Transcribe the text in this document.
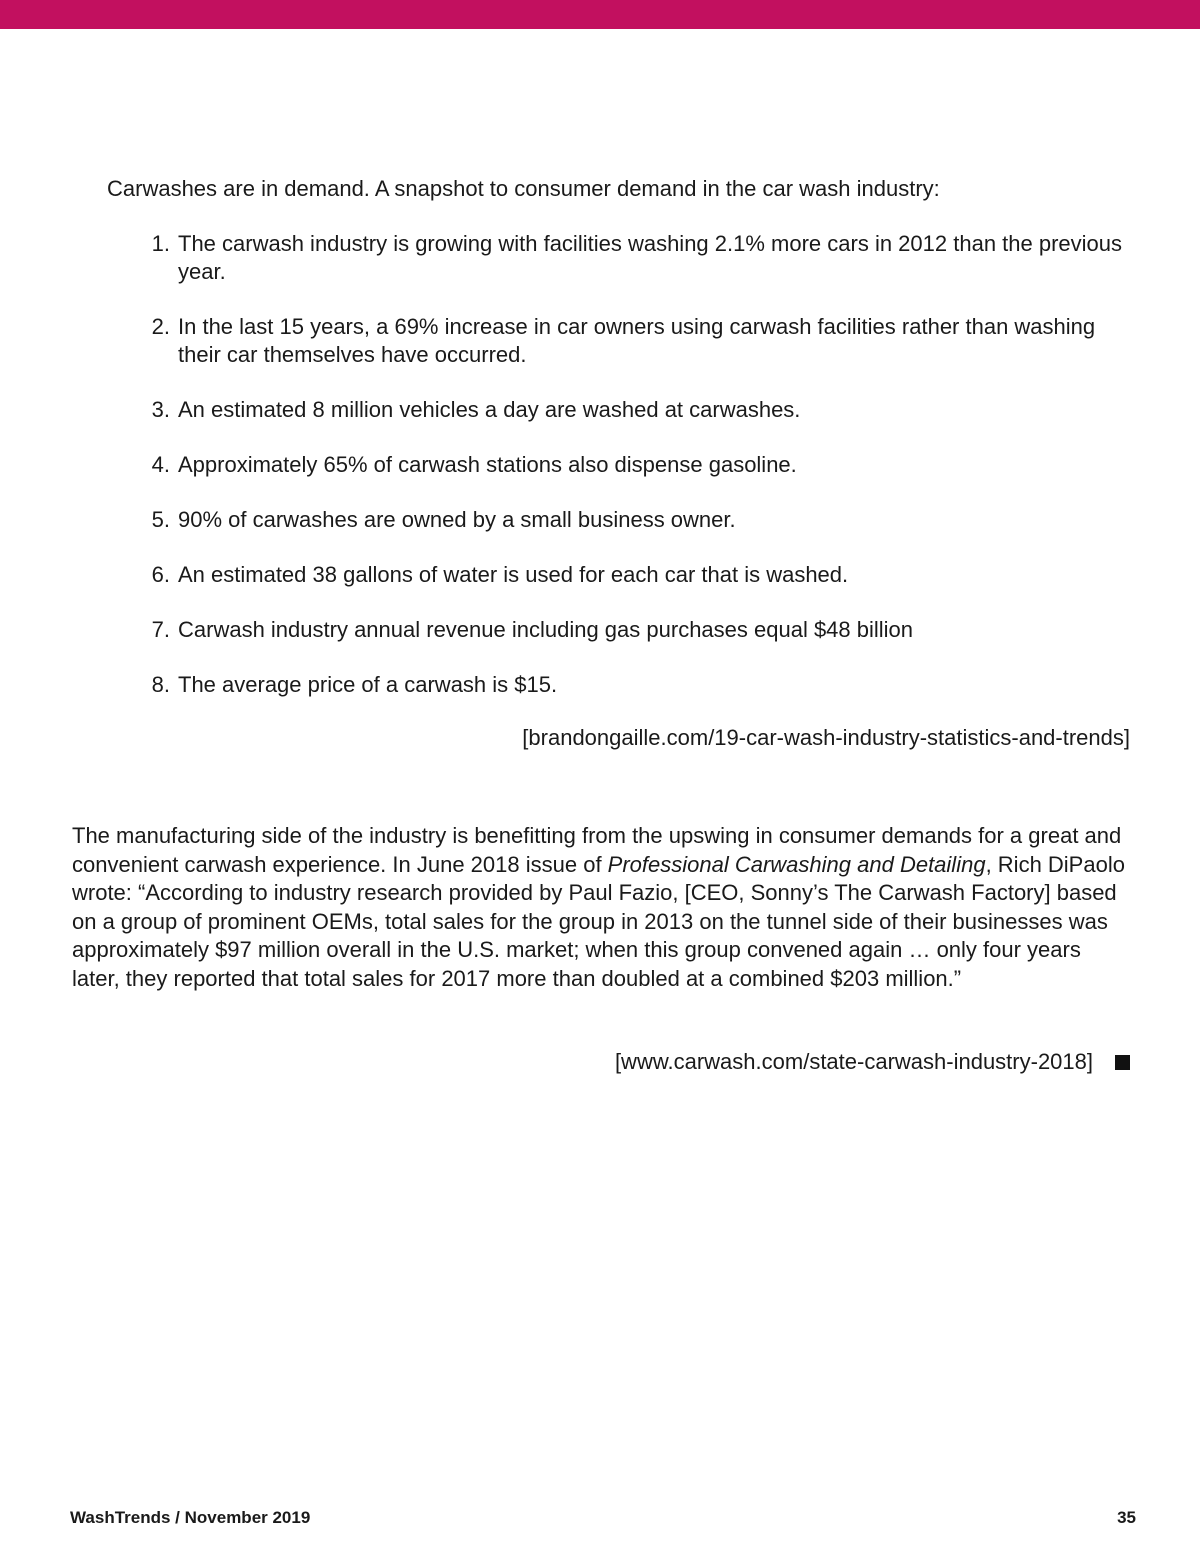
Carwashes are in demand. A snapshot to consumer demand in the car wash industry:

1. The carwash industry is growing with facilities washing 2.1% more cars in 2012 than the previous year.
2. In the last 15 years, a 69% increase in car owners using carwash facilities rather than washing their car themselves have occurred.
3. An estimated 8 million vehicles a day are washed at carwashes.
4. Approximately 65% of carwash stations also dispense gasoline.
5. 90% of carwashes are owned by a small business owner.
6. An estimated 38 gallons of water is used for each car that is washed.
7. Carwash industry annual revenue including gas purchases equal $48 billion
8. The average price of a carwash is $15.

[brandongaille.com/19-car-wash-industry-statistics-and-trends]

The manufacturing side of the industry is benefitting from the upswing in consumer demands for a great and convenient carwash experience. In June 2018 issue of Professional Carwashing and Detailing, Rich DiPaolo wrote: “According to industry research provided by Paul Fazio, [CEO, Sonny’s The Carwash Factory] based on a group of prominent OEMs, total sales for the group in 2013 on the tunnel side of their businesses was approximately $97 million overall in the U.S. market; when this group convened again … only four years later, they reported that total sales for 2017 more than doubled at a combined $203 million.”

[www.carwash.com/state-carwash-industry-2018]
WashTrends / November 2019	35
